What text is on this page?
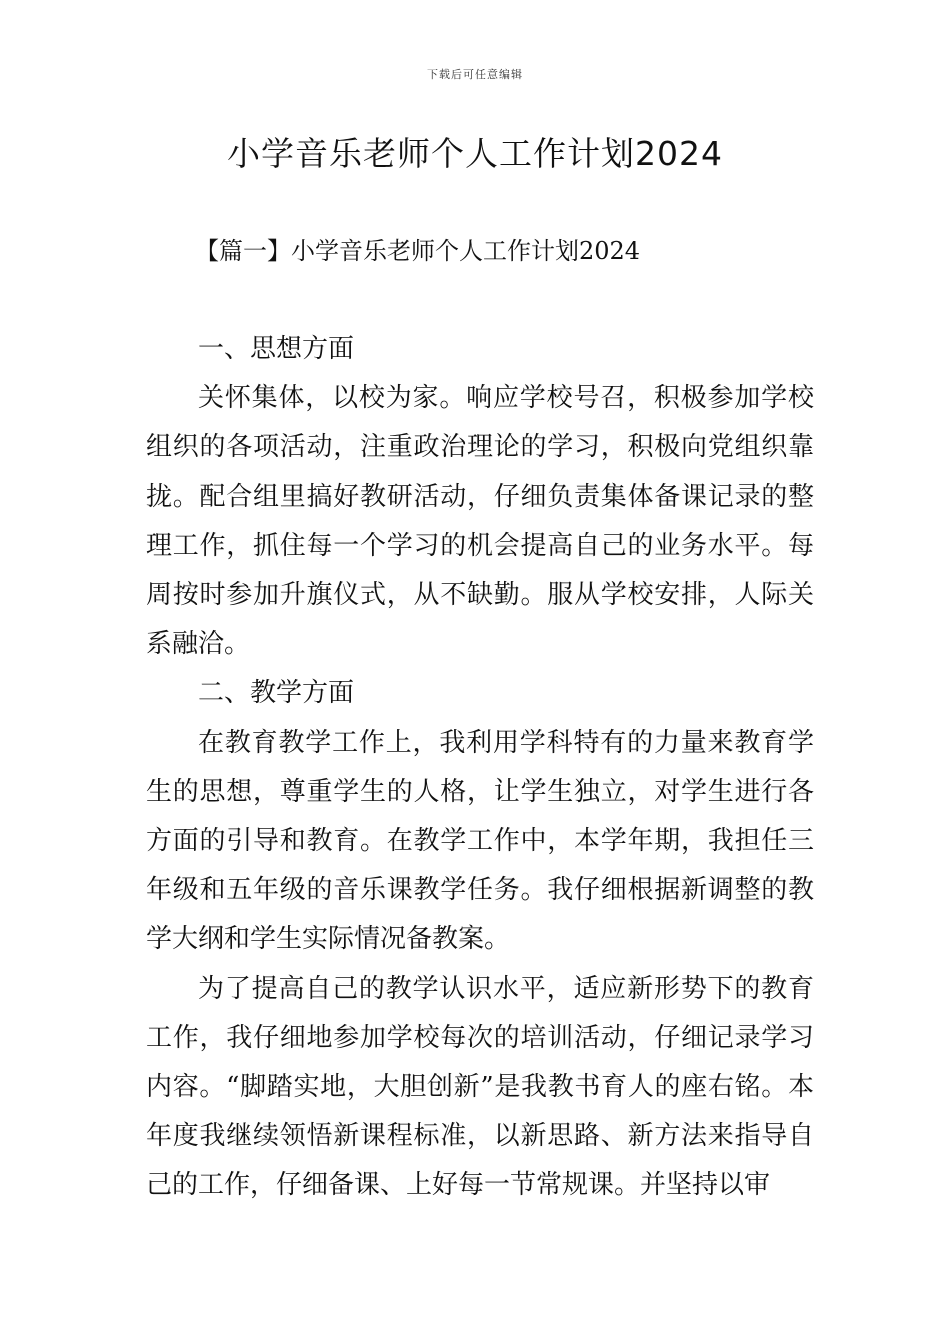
下载后可任意编辑
小学音乐老师个人工作计划2024
【篇一】小学音乐老师个人工作计划2024

一、思想方面

关怀集体，以校为家。响应学校号召，积极参加学校组织的各项活动，注重政治理论的学习，积极向党组织靠拢。配合组里搞好教研活动，仔细负责集体备课记录的整理工作，抓住每一个学习的机会提高自己的业务水平。每周按时参加升旗仪式，从不缺勤。服从学校安排，人际关系融洽。

二、教学方面

在教育教学工作上，我利用学科特有的力量来教育学生的思想，尊重学生的人格，让学生独立，对学生进行各方面的引导和教育。在教学工作中，本学年期，我担任三年级和五年级的音乐课教学任务。我仔细根据新调整的教学大纲和学生实际情况备教案。

为了提高自己的教学认识水平，适应新形势下的教育工作，我仔细地参加学校每次的培训活动，仔细记录学习内容。“脚踏实地，大胆创新”是我教书育人的座右铭。本年度我继续领悟新课程标准，以新思路、新方法来指导自己的工作，仔细备课、上好每一节常规课。并坚持以审
